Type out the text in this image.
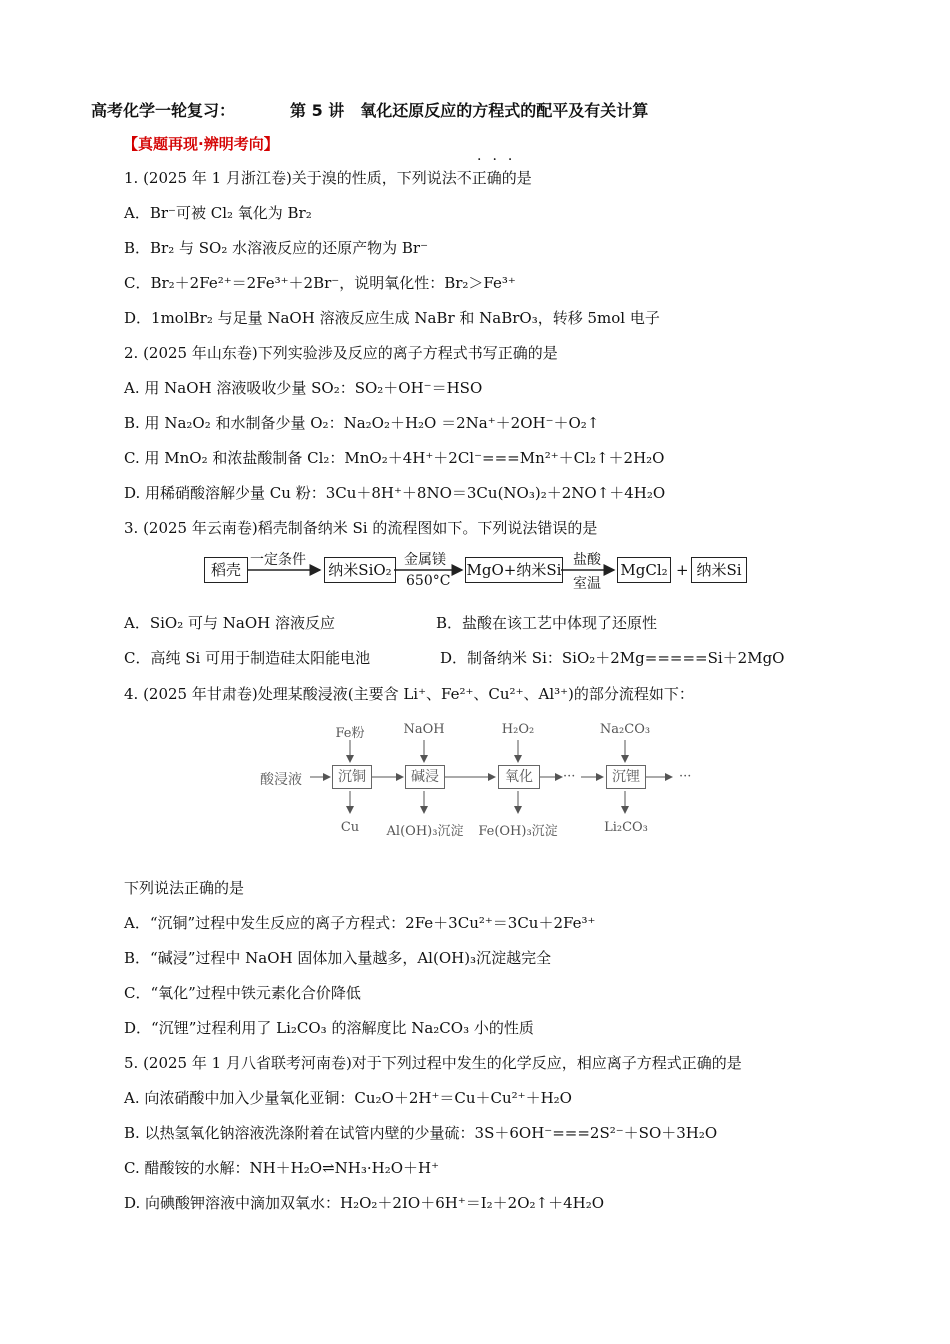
高考化学一轮复习：	第 5 讲　氧化还原反应的方程式的配平及有关计算
【真题再现·辨明考向】
···
1. (2025 年 1 月浙江卷)关于溴的性质，下列说法不正确的是
A．Br⁻可被 Cl₂ 氧化为 Br₂
B．Br₂ 与 SO₂ 水溶液反应的还原产物为 Br⁻
C．Br₂＋2Fe²⁺＝2Fe³⁺＋2Br⁻，说明氧化性：Br₂＞Fe³⁺
D．1molBr₂ 与足量 NaOH 溶液反应生成 NaBr 和 NaBrO₃，转移 5mol 电子
2. (2025 年山东卷)下列实验涉及反应的离子方程式书写正确的是
A. 用 NaOH 溶液吸收少量 SO₂：SO₂＋OH⁻＝HSO
B. 用 Na₂O₂ 和水制备少量 O₂：Na₂O₂＋H₂O ＝2Na⁺＋2OH⁻＋O₂↑
C. 用 MnO₂ 和浓盐酸制备 Cl₂：MnO₂＋4H⁺＋2Cl⁻===Mn²⁺＋Cl₂↑＋2H₂O
D. 用稀硝酸溶解少量 Cu 粉：3Cu＋8H⁺＋8NO＝3Cu(NO₃)₂＋2NO↑＋4H₂O
3. (2025 年云南卷)稻壳制备纳米 Si 的流程图如下。下列说法错误的是
稻壳	纳米SiO₂	MgO+纳米Si	MgCl₂ + 纳米Si
一定条件	金属镁
650°C
盐酸
室温
A．SiO₂ 可与 NaOH 溶液反应	B．盐酸在该工艺中体现了还原性
C．高纯 Si 可用于制造硅太阳能电池	D．制备纳米 Si：SiO₂＋2Mg=====Si＋2MgO
4. (2025 年甘肃卷)处理某酸浸液(主要含 Li⁺、Fe²⁺、Cu²⁺、Al³⁺)的部分流程如下：
酸浸液
Fe粉	NaOH	H₂O₂	Na₂CO₃
沉铜	碱浸	氧化	···	沉锂	···
Cu	Al(OH)₃沉淀 Fe(OH)₃沉淀	Li₂CO₃
下列说法正确的是
A．“沉铜”过程中发生反应的离子方程式：2Fe＋3Cu²⁺＝3Cu＋2Fe³⁺
B．“碱浸”过程中 NaOH 固体加入量越多，Al(OH)₃沉淀越完全
C．“氧化”过程中铁元素化合价降低
D．“沉锂”过程利用了 Li₂CO₃ 的溶解度比 Na₂CO₃ 小的性质
5. (2025 年 1 月八省联考河南卷)对于下列过程中发生的化学反应，相应离子方程式正确的是
A. 向浓硝酸中加入少量氧化亚铜：Cu₂O＋2H⁺＝Cu＋Cu²⁺＋H₂O
B. 以热氢氧化钠溶液洗涤附着在试管内壁的少量硫：3S＋6OH⁻===2S²⁻＋SO＋3H₂O
C. 醋酸铵的水解：NH＋H₂O⇌NH₃·H₂O＋H⁺
D. 向碘酸钾溶液中滴加双氧水：H₂O₂＋2IO＋6H⁺＝I₂＋2O₂↑＋4H₂O
